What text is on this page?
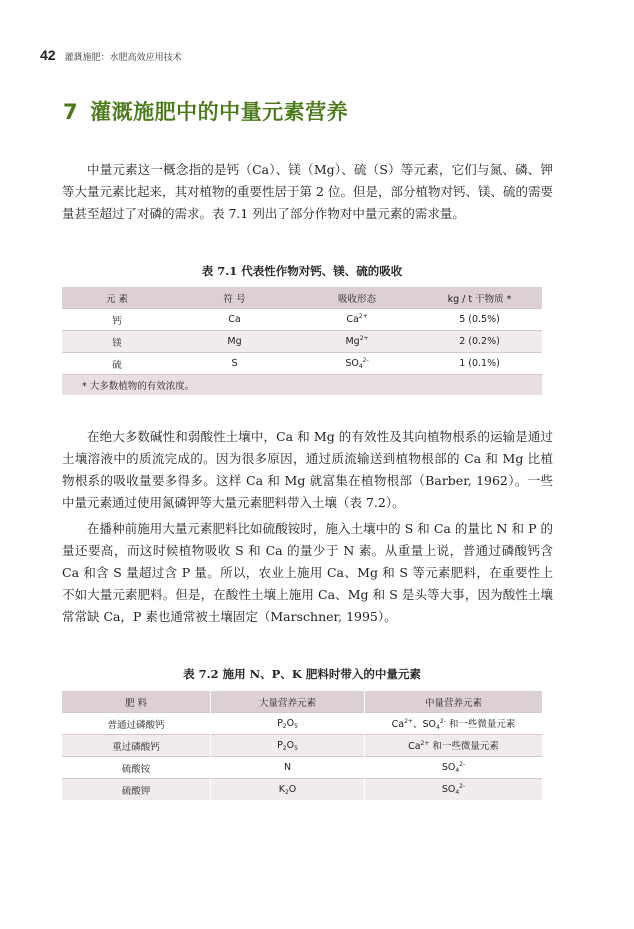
42 灌溉施肥：水肥高效应用技术
7 灌溉施肥中的中量元素营养

中量元素这一概念指的是钙（Ca）、镁（Mg）、硫（S）等元素，它们与氮、磷、钾等大量元素比起来，其对植物的重要性居于第 2 位。但是，部分植物对钙、镁、硫的需要量甚至超过了对磷的需求。表 7.1 列出了部分作物对中量元素的需求量。

表 7.1 代表性作物对钙、镁、硫的吸收
元 素	符 号	吸收形态	kg / t 干物质 *
钙	Ca	$Ca^{2+}$	5 (0.5%)
镁	Mg	$Mg^{2+}$	2 (0.2%)
硫	S	$SO_4^{2-}$	1 (0.1%)
* 大多数植物的有效浓度。			

在绝大多数碱性和弱酸性土壤中，Ca 和 Mg 的有效性及其向植物根系的运输是通过土壤溶液中的质流完成的。因为很多原因，通过质流输送到植物根部的 Ca 和 Mg 比植物根系的吸收量要多得多。这样 Ca 和 Mg 就富集在植物根部（Barber, 1962）。一些中量元素通过使用氮磷钾等大量元素肥料带入土壤（表 7.2）。

在播种前施用大量元素肥料比如硫酸铵时，施入土壤中的 S 和 Ca 的量比 N 和 P 的量还要高，而这时候植物吸收 S 和 Ca 的量少于 N 素。从重量上说，普通过磷酸钙含 Ca 和含 S 量超过含 P 量。所以，农业上施用 Ca、Mg 和 S 等元素肥料，在重要性上不如大量元素肥料。但是，在酸性土壤上施用 Ca、Mg 和 S 是头等大事，因为酸性土壤常常缺 Ca，P 素也通常被土壤固定（Marschner, 1995）。

表 7.2 施用 N、P、K 肥料时带入的中量元素
肥 料	大量营养元素	中量营养元素
普通过磷酸钙	$P_2O_5$	$Ca^{2+}$、$SO_4^{2-}$ 和一些微量元素
重过磷酸钙	$P_2O_5$	$Ca^{2+}$ 和一些微量元素
硫酸铵	N	$SO_4^{2-}$
硫酸钾	$K_2O$	$SO_4^{2-}$
